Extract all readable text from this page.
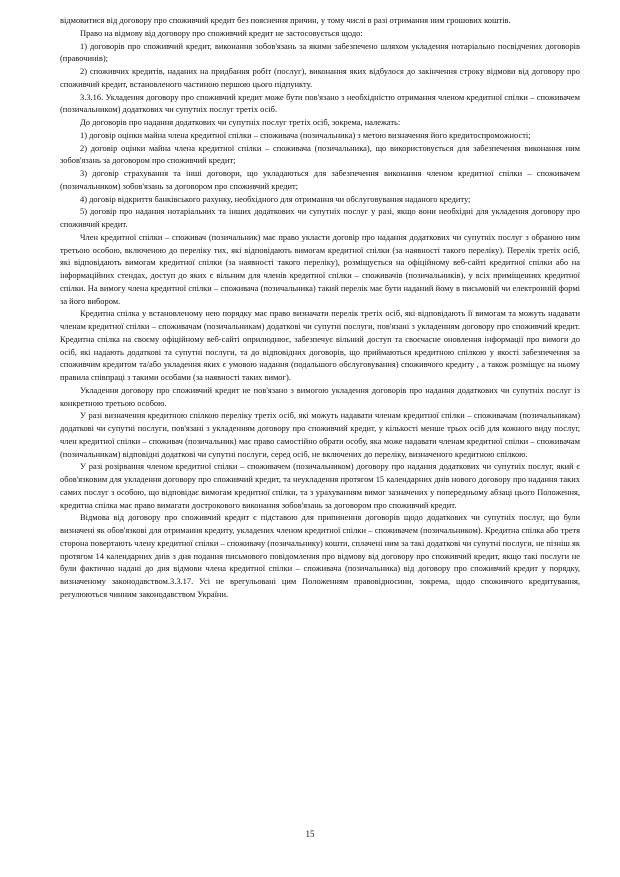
відмовитися від договору про споживчий кредит без пояснення причин, у тому числі в разі отримання ним грошових коштів.

Право на відмову від договору про споживчий кредит не застосовується щодо:

1) договорів про споживчий кредит, виконання зобов'язань за якими забезпечено шляхом укладення нотаріально посвідчених договорів (правочинів);

2) споживчих кредитів, наданих на придбання робіт (послуг), виконання яких відбулося до закінчення строку відмови від договору про споживчий кредит, встановленого частиною першою цього підпункту.

3.3.16. Укладення договору про споживчий кредит може бути пов'язано з необхідністю отримання членом кредитної спілки – споживачем (позичальником) додаткових чи супутніх послуг третіх осіб.

До договорів про надання додаткових чи супутніх послуг третіх осіб, зокрема, належать:

1) договір оцінки майна члена кредитної спілки – споживача (позичальника) з метою визначення його кредитоспроможності;

2) договір оцінки майна члена кредитної спілки – споживача (позичальника), що використовується для забезпечення виконання ним зобов'язань за договором про споживчий кредит;

3) договір страхування та інші договори, що укладаються для забезпечення виконання членом кредитної спілки – споживачем (позичальником) зобов'язань за договором про споживчий кредит;

4) договір відкриття банківського рахунку, необхідного для отримання чи обслуговування наданого кредиту;

5) договір про надання нотаріальних та інших додаткових чи супутніх послуг у разі, якщо вони необхідні для укладення договору про споживчий кредит.

Член кредитної спілки – споживач (позичальник) має право укласти договір про надання додаткових чи супутніх послуг з обраною ним третьою особою, включеною до переліку тих, які відповідають вимогам кредитної спілки (за наявності такого переліку). Перелік третіх осіб, які відповідають вимогам кредитної спілки (за наявності такого переліку), розміщується на офіційному веб-сайті кредитної спілки або на інформаційних стендах, доступ до яких є вільним для членів кредитної спілки – споживачів (позичальників), у всіх приміщеннях кредитної спілки. На вимогу члена кредитної спілки – споживача (позичальника) такий перелік має бути наданий йому в письмовій чи електронній формі за його вибором.

Кредитна спілка у встановленому нею порядку має право визначати перелік третіх осіб, які відповідають її вимогам та можуть надавати членам кредитної спілки – споживачам (позичальникам) додаткові чи супутні послуги, пов'язані з укладенням договору про споживчий кредит. Кредитна спілка на своєму офіційному веб-сайті оприлюднює, забезпечує вільний доступ та своєчасне оновлення інформації про вимоги до осіб, які надають додаткові та супутні послуги, та до відповідних договорів, що приймаються кредитною спілкою у якості забезпечення за споживчим кредитом та/або укладення яких є умовою надання (подальшого обслуговування) споживчого кредиту , а також розміщує на ньому правила співпраці з такими особами (за наявності таких вимог).

Укладення договору про споживчий кредит не пов'язано з вимогою укладення договорів про надання додаткових чи супутніх послуг із конкретною третьою особою.

У разі визначення кредитною спілкою переліку третіх осіб, які можуть надавати членам кредитної спілки – споживачам (позичальникам) додаткові чи супутні послуги, пов'язані з укладенням договору про споживчий кредит, у кількості менше трьох осіб для кожного виду послуг, член кредитної спілки – споживач (позичальник) має право самостійно обрати особу, яка може надавати членам кредитної спілки – споживачам (позичальникам) відповідні додаткові чи супутні послуги, серед осіб, не включених до переліку, визначеного кредитною спілкою.

У разі розірвання членом кредитної спілки – споживачем (позичальником) договору про надання додаткових чи супутніх послуг, який є обов'язковим для укладення договору про споживчий кредит, та неукладення протягом 15 календарних днів нового договору про надання таких самих послуг з особою, що відповідає вимогам кредитної спілки, та з урахуванням вимог зазначених у попередньому абзаці цього Положення, кредитна спілка має право вимагати дострокового виконання зобов'язань за договором про споживчий кредит.

Відмова від договору про споживчий кредит є підставою для припинення договорів щодо додаткових чи супутніх послуг, що були визначені як обов'язкові для отримання кредиту, укладених членом кредитної спілки – споживачем (позичальником). Кредитна спілка або третя сторона повертають члену кредитної спілки – споживачу (позичальнику) кошти, сплачені ним за такі додаткові чи супутні послуги, не пізніш як протягом 14 календарних днів з дня подання письмового повідомлення про відмову від договору про споживчий кредит, якщо такі послуги не були фактично надані до дня відмови члена кредитної спілки – споживача (позичальника) від договору про споживчий кредит у порядку, визначеному законодавством.3.3.17. Усі не врегульовані цим Положенням правовідносини, зокрема, щодо споживчого кредитування, регулюються чинним законодавством України.

15
